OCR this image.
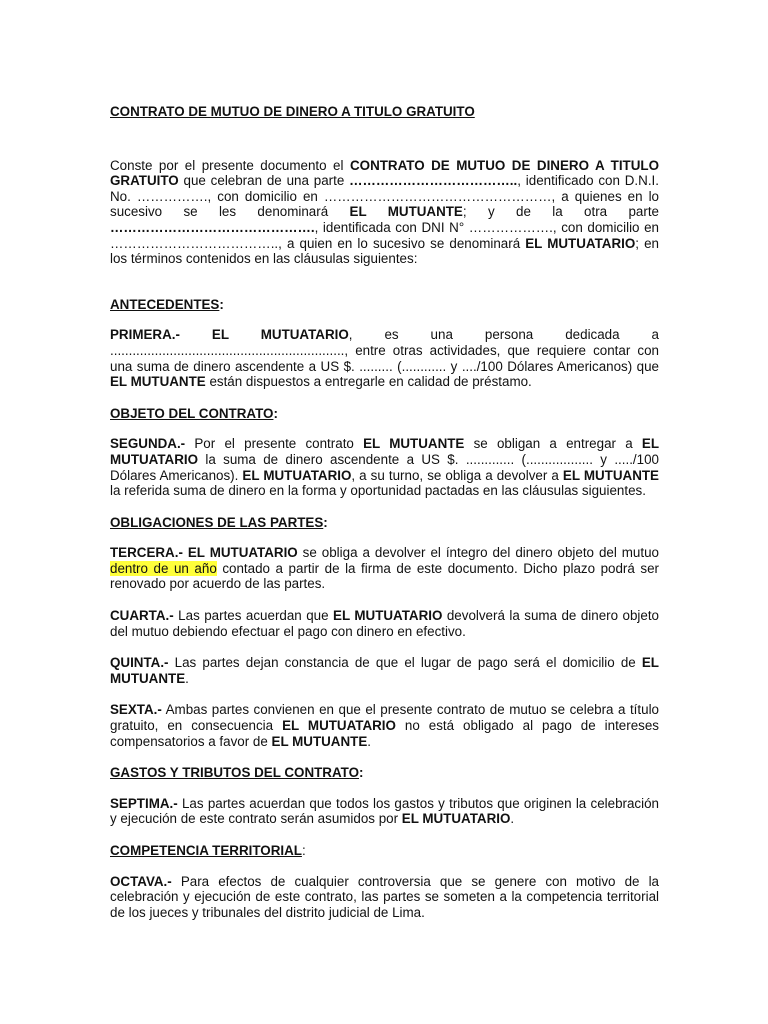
CONTRATO DE MUTUO DE DINERO A TITULO GRATUITO

Conste por el presente documento el CONTRATO DE MUTUO DE DINERO A TITULO GRATUITO que celebran de una parte ……………………………….., identificado con D.N.I. No. ……………., con domicilio en ……………………………………………, a quienes en lo sucesivo se les denominará EL MUTUANTE; y de la otra parte ………………………………………., identificada con DNI N° ………………., con domicilio en ……………………………….., a quien en lo sucesivo se denominará EL MUTUATARIO; en los términos contenidos en las cláusulas siguientes:

ANTECEDENTES:

PRIMERA.- EL MUTUATARIO, es una persona dedicada a ..............................................................., entre otras actividades, que requiere contar con una suma de dinero ascendente a US $. ......... (............ y ..../100 Dólares Americanos) que EL MUTUANTE están dispuestos a entregarle en calidad de préstamo.

OBJETO DEL CONTRATO:

SEGUNDA.- Por el presente contrato EL MUTUANTE se obligan a entregar a EL MUTUATARIO la suma de dinero ascendente a US $. ............. (.................. y ...../100 Dólares Americanos). EL MUTUATARIO, a su turno, se obliga a devolver a EL MUTUANTE la referida suma de dinero en la forma y oportunidad pactadas en las cláusulas siguientes.

OBLIGACIONES DE LAS PARTES:

TERCERA.- EL MUTUATARIO se obliga a devolver el íntegro del dinero objeto del mutuo dentro de un año contado a partir de la firma de este documento. Dicho plazo podrá ser renovado por acuerdo de las partes.

CUARTA.- Las partes acuerdan que EL MUTUATARIO devolverá la suma de dinero objeto del mutuo debiendo efectuar el pago con dinero en efectivo.

QUINTA.- Las partes dejan constancia de que el lugar de pago será el domicilio de EL MUTUANTE.

SEXTA.- Ambas partes convienen en que el presente contrato de mutuo se celebra a título gratuito, en consecuencia EL MUTUATARIO no está obligado al pago de intereses compensatorios a favor de EL MUTUANTE.

GASTOS Y TRIBUTOS DEL CONTRATO:

SEPTIMA.- Las partes acuerdan que todos los gastos y tributos que originen la celebración y ejecución de este contrato serán asumidos por EL MUTUATARIO.

COMPETENCIA TERRITORIAL:

OCTAVA.- Para efectos de cualquier controversia que se genere con motivo de la celebración y ejecución de este contrato, las partes se someten a la competencia territorial de los jueces y tribunales del distrito judicial de Lima.
